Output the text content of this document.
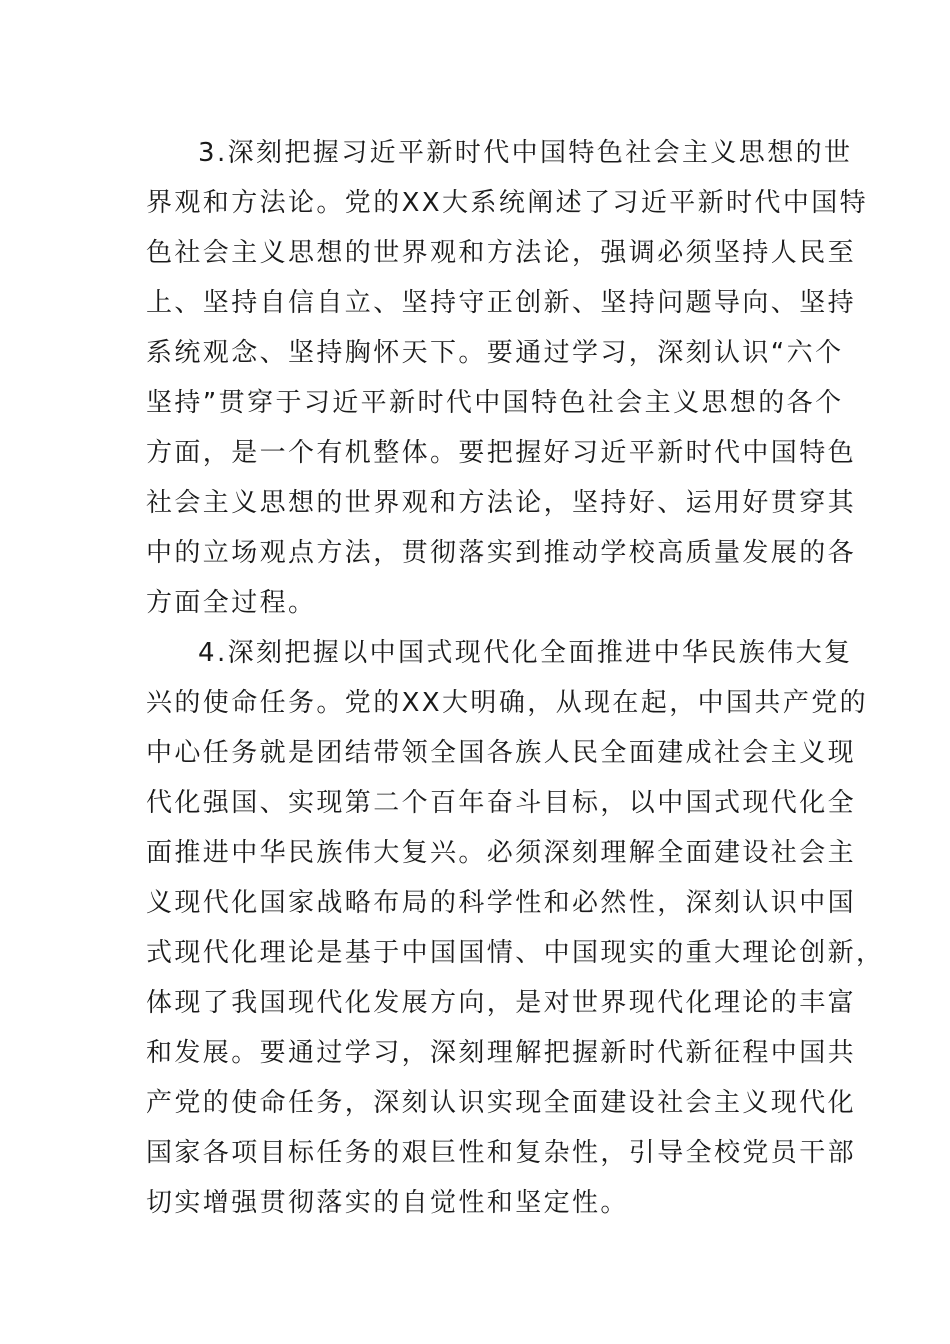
3.深刻把握习近平新时代中国特色社会主义思想的世
界观和方法论。党的XX大系统阐述了习近平新时代中国特
色社会主义思想的世界观和方法论，强调必须坚持人民至
上、坚持自信自立、坚持守正创新、坚持问题导向、坚持
系统观念、坚持胸怀天下。要通过学习，深刻认识“六个
坚持”贯穿于习近平新时代中国特色社会主义思想的各个
方面，是一个有机整体。要把握好习近平新时代中国特色
社会主义思想的世界观和方法论，坚持好、运用好贯穿其
中的立场观点方法，贯彻落实到推动学校高质量发展的各
方面全过程。
4.深刻把握以中国式现代化全面推进中华民族伟大复
兴的使命任务。党的XX大明确，从现在起，中国共产党的
中心任务就是团结带领全国各族人民全面建成社会主义现
代化强国、实现第二个百年奋斗目标，以中国式现代化全
面推进中华民族伟大复兴。必须深刻理解全面建设社会主
义现代化国家战略布局的科学性和必然性，深刻认识中国
式现代化理论是基于中国国情、中国现实的重大理论创新，
体现了我国现代化发展方向，是对世界现代化理论的丰富
和发展。要通过学习，深刻理解把握新时代新征程中国共
产党的使命任务，深刻认识实现全面建设社会主义现代化
国家各项目标任务的艰巨性和复杂性，引导全校党员干部
切实增强贯彻落实的自觉性和坚定性。
